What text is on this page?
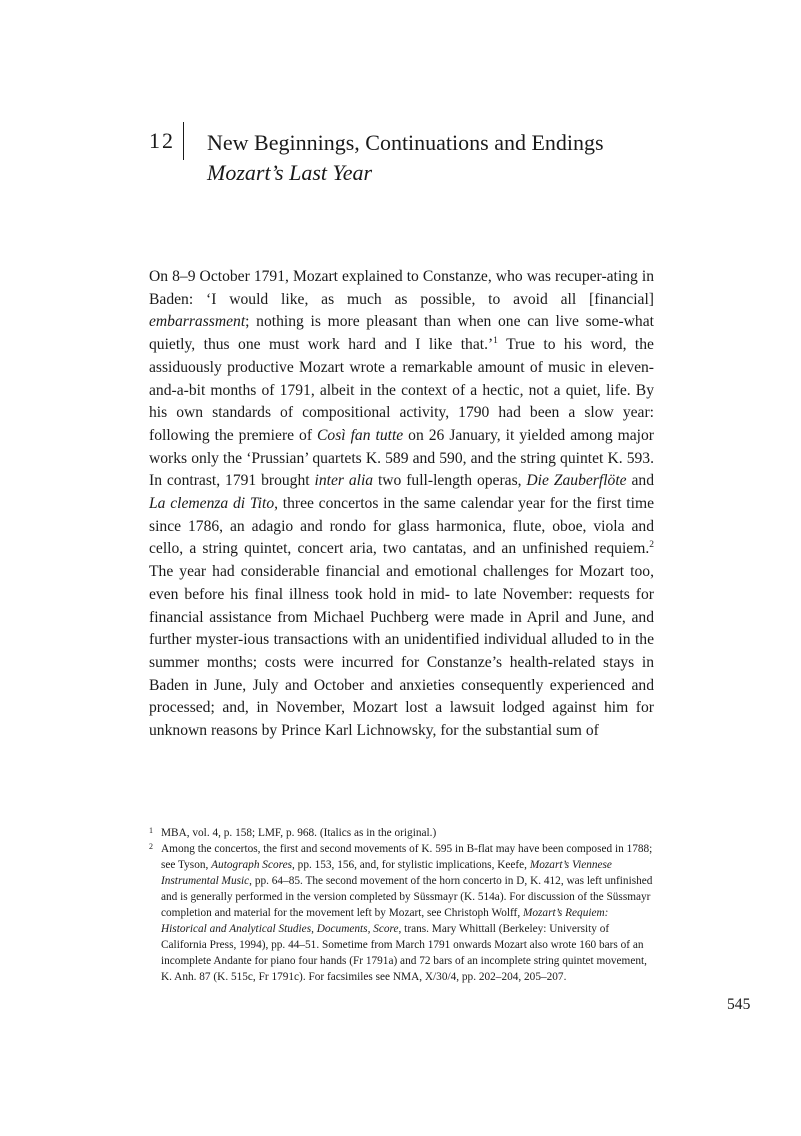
12 New Beginnings, Continuations and Endings
Mozart’s Last Year

On 8–9 October 1791, Mozart explained to Constanze, who was recuper-ating in Baden: ‘I would like, as much as possible, to avoid all [financial] embarrassment; nothing is more pleasant than when one can live some-what quietly, thus one must work hard and I like that.’$^1$ True to his word, the assiduously productive Mozart wrote a remarkable amount of music in eleven-and-a-bit months of 1791, albeit in the context of a hectic, not a quiet, life. By his own standards of compositional activity, 1790 had been a slow year: following the premiere of Così fan tutte on 26 January, it yielded among major works only the ‘Prussian’ quartets K. 589 and 590, and the string quintet K. 593. In contrast, 1791 brought inter alia two full-length operas, Die Zauberflöte and La clemenza di Tito, three concertos in the same calendar year for the first time since 1786, an adagio and rondo for glass harmonica, flute, oboe, viola and cello, a string quintet, concert aria, two cantatas, and an unfinished requiem.$^2$ The year had considerable financial and emotional challenges for Mozart too, even before his final illness took hold in mid- to late November: requests for financial assistance from Michael Puchberg were made in April and June, and further myster-ious transactions with an unidentified individual alluded to in the summer months; costs were incurred for Constanze’s health-related stays in Baden in June, July and October and anxieties consequently experienced and processed; and, in November, Mozart lost a lawsuit lodged against him for unknown reasons by Prince Karl Lichnowsky, for the substantial sum of

1 MBA, vol. 4, p. 158; LMF, p. 968. (Italics as in the original.)

2 Among the concertos, the first and second movements of K. 595 in B-flat may have been composed in 1788; see Tyson, Autograph Scores, pp. 153, 156, and, for stylistic implications, Keefe, Mozart’s Viennese Instrumental Music, pp. 64–85. The second movement of the horn concerto in D, K. 412, was left unfinished and is generally performed in the version completed by Süssmayr (K. 514a). For discussion of the Süssmayr completion and material for the movement left by Mozart, see Christoph Wolff, Mozart’s Requiem: Historical and Analytical Studies, Documents, Score, trans. Mary Whittall (Berkeley: University of California Press, 1994), pp. 44–51. Sometime from March 1791 onwards Mozart also wrote 160 bars of an incomplete Andante for piano four hands (Fr 1791a) and 72 bars of an incomplete string quintet movement, K. Anh. 87 (K. 515c, Fr 1791c). For facsimiles see NMA, X/30/4, pp. 202–204, 205–207.

545
